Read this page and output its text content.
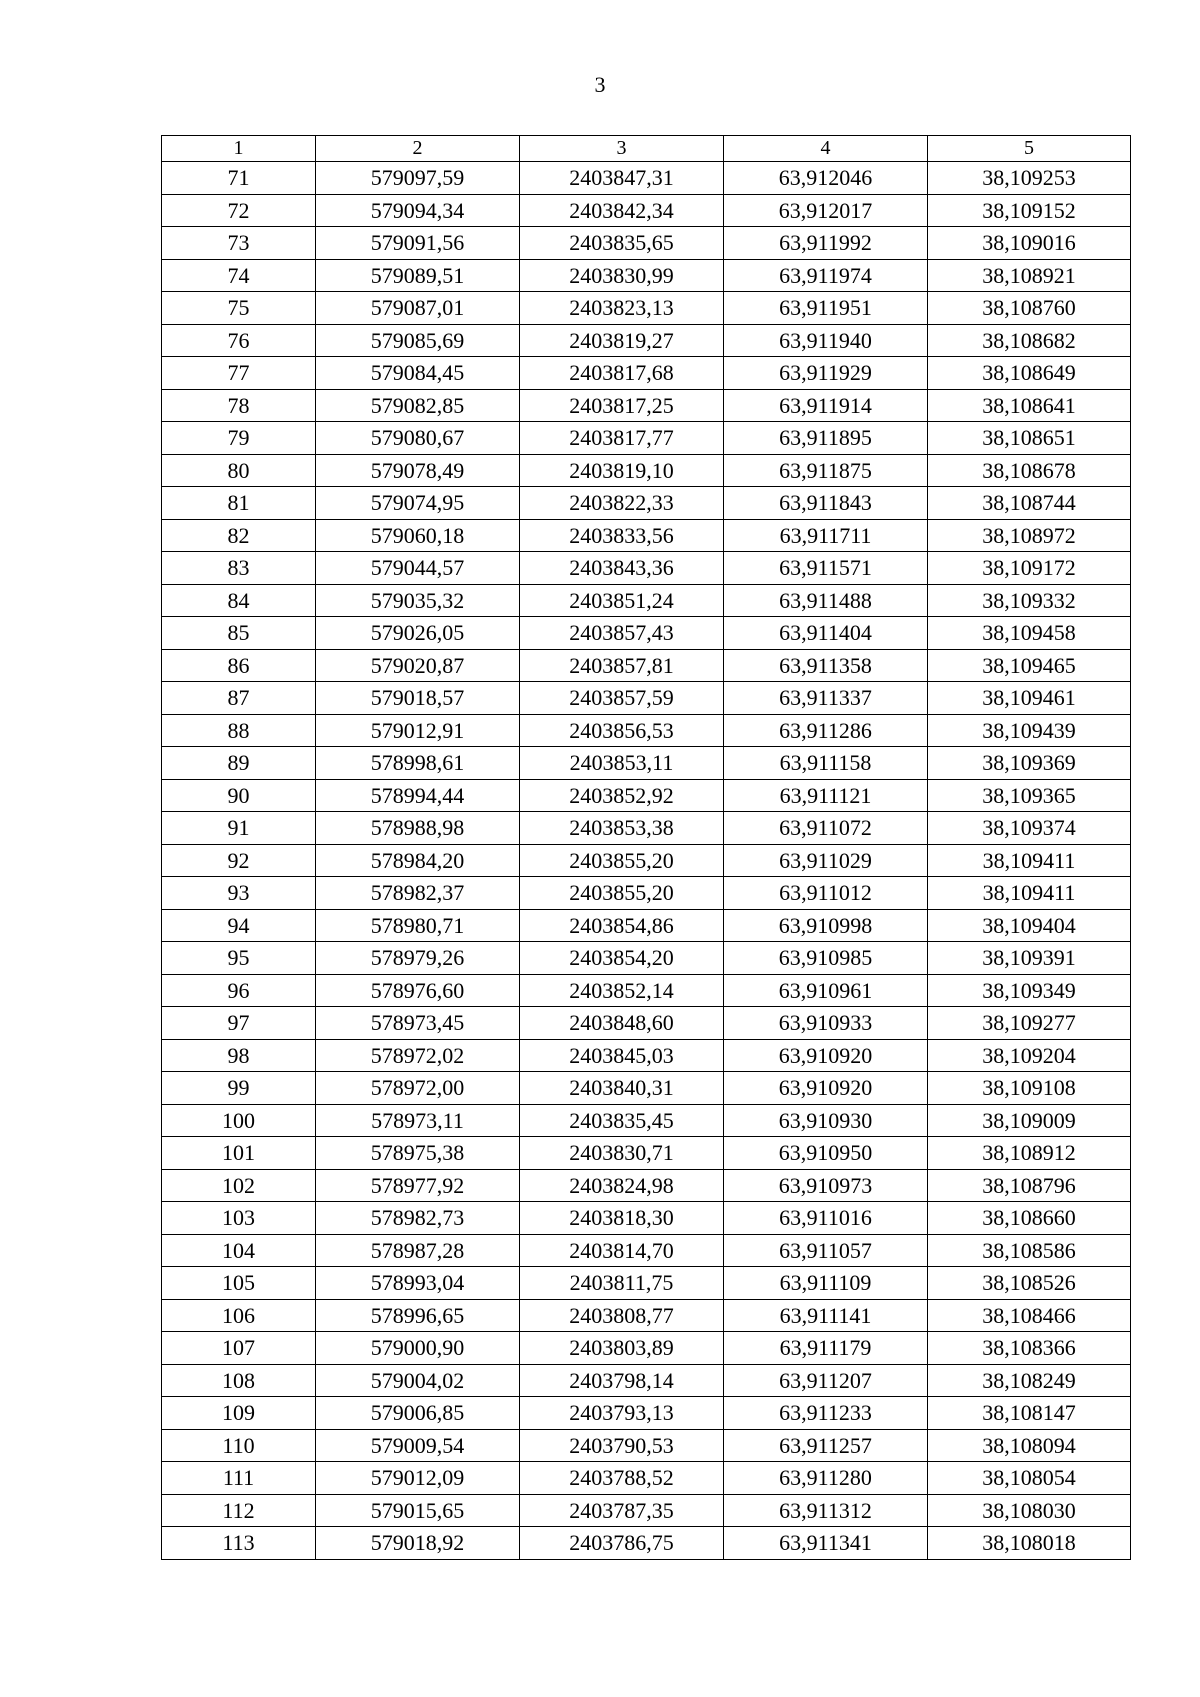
3
1	2	3	4	5
71	579097,59	2403847,31	63,912046	38,109253
72	579094,34	2403842,34	63,912017	38,109152
73	579091,56	2403835,65	63,911992	38,109016
74	579089,51	2403830,99	63,911974	38,108921
75	579087,01	2403823,13	63,911951	38,108760
76	579085,69	2403819,27	63,911940	38,108682
77	579084,45	2403817,68	63,911929	38,108649
78	579082,85	2403817,25	63,911914	38,108641
79	579080,67	2403817,77	63,911895	38,108651
80	579078,49	2403819,10	63,911875	38,108678
81	579074,95	2403822,33	63,911843	38,108744
82	579060,18	2403833,56	63,911711	38,108972
83	579044,57	2403843,36	63,911571	38,109172
84	579035,32	2403851,24	63,911488	38,109332
85	579026,05	2403857,43	63,911404	38,109458
86	579020,87	2403857,81	63,911358	38,109465
87	579018,57	2403857,59	63,911337	38,109461
88	579012,91	2403856,53	63,911286	38,109439
89	578998,61	2403853,11	63,911158	38,109369
90	578994,44	2403852,92	63,911121	38,109365
91	578988,98	2403853,38	63,911072	38,109374
92	578984,20	2403855,20	63,911029	38,109411
93	578982,37	2403855,20	63,911012	38,109411
94	578980,71	2403854,86	63,910998	38,109404
95	578979,26	2403854,20	63,910985	38,109391
96	578976,60	2403852,14	63,910961	38,109349
97	578973,45	2403848,60	63,910933	38,109277
98	578972,02	2403845,03	63,910920	38,109204
99	578972,00	2403840,31	63,910920	38,109108
100	578973,11	2403835,45	63,910930	38,109009
101	578975,38	2403830,71	63,910950	38,108912
102	578977,92	2403824,98	63,910973	38,108796
103	578982,73	2403818,30	63,911016	38,108660
104	578987,28	2403814,70	63,911057	38,108586
105	578993,04	2403811,75	63,911109	38,108526
106	578996,65	2403808,77	63,911141	38,108466
107	579000,90	2403803,89	63,911179	38,108366
108	579004,02	2403798,14	63,911207	38,108249
109	579006,85	2403793,13	63,911233	38,108147
110	579009,54	2403790,53	63,911257	38,108094
111	579012,09	2403788,52	63,911280	38,108054
112	579015,65	2403787,35	63,911312	38,108030
113	579018,92	2403786,75	63,911341	38,108018
